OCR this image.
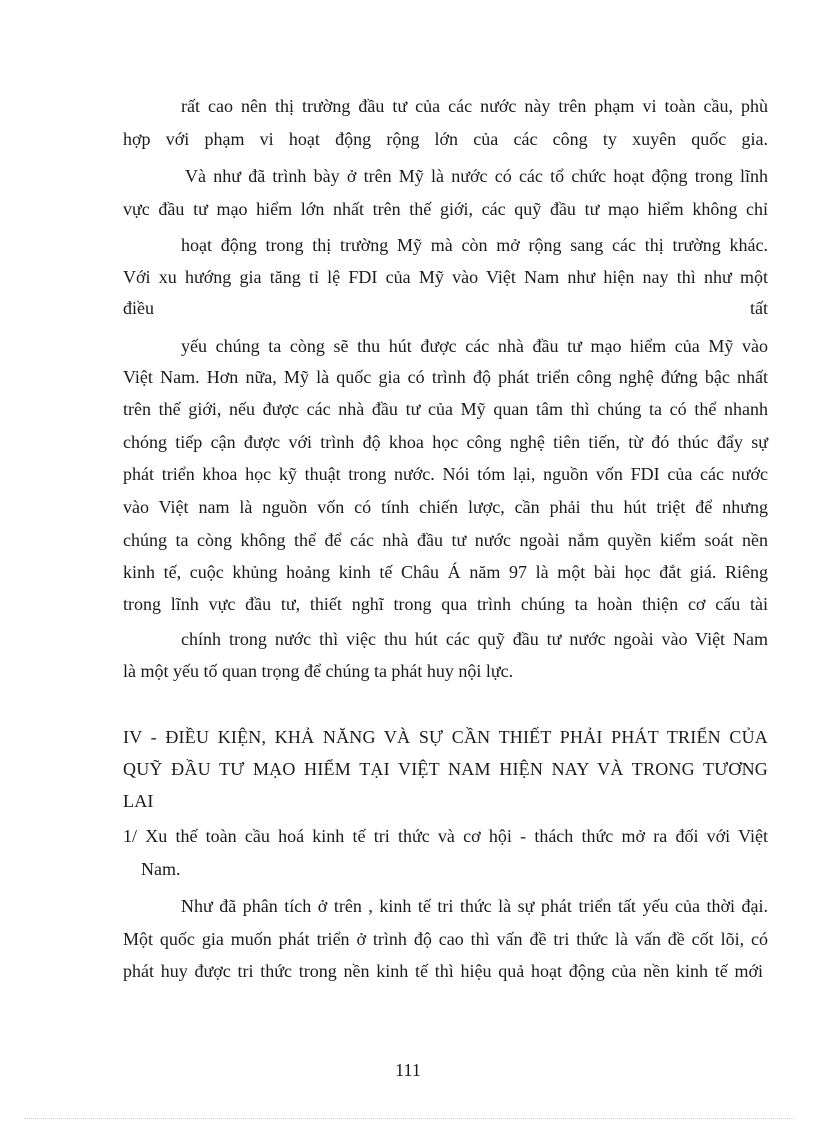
rất cao nên thị trường đầu tư của các nước này trên phạm vi toàn cầu, phù
hợp với phạm vi hoạt động rộng lớn của các công ty xuyên quốc gia.
Và như đã trình bày ở trên Mỹ là nước có các tổ chức hoạt động trong lĩnh
vực đầu tư mạo hiểm lớn nhất trên thế giới, các quỹ đầu tư mạo hiểm không chỉ
hoạt động trong thị trường Mỹ mà còn mở rộng sang các thị trường khác.
Với xu hướng gia tăng tỉ lệ FDI của Mỹ vào Việt Nam như hiện nay thì như một
điều	tất
yếu chúng ta còng sẽ thu hút được các nhà đầu tư mạo hiểm của Mỹ vào
Việt Nam. Hơn nữa, Mỹ là quốc gia có trình độ phát triển công nghệ đứng bậc nhất
trên thế giới, nếu được các nhà đầu tư của Mỹ quan tâm thì chúng ta có thể nhanh
chóng tiếp cận được với trình độ khoa học công nghệ tiên tiến, từ đó thúc đẩy sự
phát triển khoa học kỹ thuật trong nước. Nói tóm lại, nguồn vốn FDI của các nước
vào Việt nam là nguồn vốn có tính chiến lược, cần phải thu hút triệt để nhưng
chúng ta còng không thể để các nhà đầu tư nước ngoài nắm quyền kiểm soát nền
kinh tế, cuộc khủng hoảng kinh tế Châu Á năm 97 là một bài học đắt giá. Riêng
trong lĩnh vực đầu tư, thiết nghĩ trong qua trình chúng ta hoàn thiện cơ cấu tài
chính trong nước thì việc thu hút các quỹ đầu tư nước ngoài vào Việt Nam
là một yếu tố quan trọng để chúng ta phát huy nội lực.
IV - ĐIỀU KIỆN, KHẢ NĂNG VÀ SỰ CẦN THIẾT PHẢI PHÁT TRIỂN CỦA
QUỸ ĐẦU TƯ MẠO HIỂM TẠI VIỆT NAM HIỆN NAY VÀ TRONG TƯƠNG
LAI
1/ Xu thế toàn cầu hoá kinh tế tri thức và cơ hội - thách thức mở ra đối với Việt
Nam.
Như đã phân tích ở trên , kinh tế tri thức là sự phát triển tất yếu của thời đại.
Một quốc gia muốn phát triển ở trình độ cao thì vấn đề tri thức là vấn đề cốt lõi, có
phát huy được tri thức trong nền kinh tế thì hiệu quả hoạt động của nền kinh tế mới
111
